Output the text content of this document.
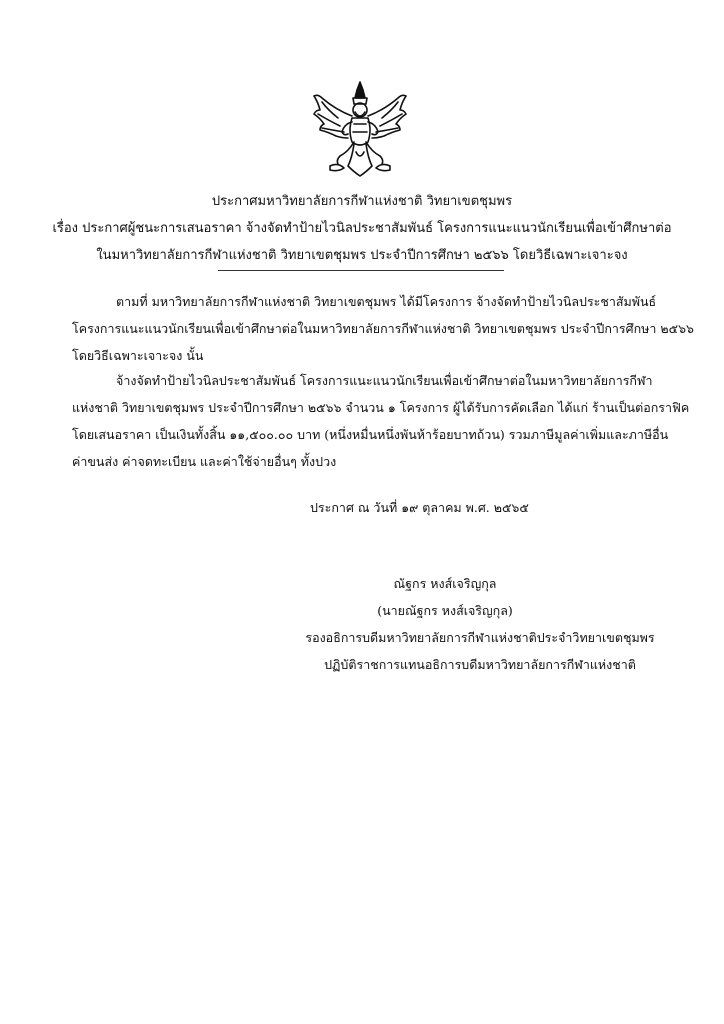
ประกาศมหาวิทยาลัยการกีฬาแห่งชาติ วิทยาเขตชุมพร
เรื่อง ประกาศผู้ชนะการเสนอราคา จ้างจัดทำป้ายไวนิลประชาสัมพันธ์ โครงการแนะแนวนักเรียนเพื่อเข้าศึกษาต่อ
ในมหาวิทยาลัยการกีฬาแห่งชาติ วิทยาเขตชุมพร ประจำปีการศึกษา ๒๕๖๖ โดยวิธีเฉพาะเจาะจง
ตามที่ มหาวิทยาลัยการกีฬาแห่งชาติ วิทยาเขตชุมพร ได้มีโครงการ จ้างจัดทำป้ายไวนิลประชาสัมพันธ์
โครงการแนะแนวนักเรียนเพื่อเข้าศึกษาต่อในมหาวิทยาลัยการกีฬาแห่งชาติ วิทยาเขตชุมพร ประจำปีการศึกษา ๒๕๖๖
โดยวิธีเฉพาะเจาะจง นั้น
จ้างจัดทำป้ายไวนิลประชาสัมพันธ์ โครงการแนะแนวนักเรียนเพื่อเข้าศึกษาต่อในมหาวิทยาลัยการกีฬา
แห่งชาติ วิทยาเขตชุมพร ประจำปีการศึกษา ๒๕๖๖ จำนวน ๑ โครงการ ผู้ได้รับการคัดเลือก ได้แก่ ร้านเป็นต่อกราฟิค
โดยเสนอราคา เป็นเงินทั้งสิ้น ๑๑,๕๐๐.๐๐ บาท (หนึ่งหมื่นหนึ่งพันห้าร้อยบาทถ้วน) รวมภาษีมูลค่าเพิ่มและภาษีอื่น
ค่าขนส่ง ค่าจดทะเบียน และค่าใช้จ่ายอื่นๆ ทั้งปวง
ประกาศ ณ วันที่ ๑๙ ตุลาคม พ.ศ. ๒๕๖๕
ณัฐกร หงส์เจริญกุล
(นายณัฐกร หงส์เจริญกุล)
รองอธิการบดีมหาวิทยาลัยการกีฬาแห่งชาติประจำวิทยาเขตชุมพร
ปฏิบัติราชการแทนอธิการบดีมหาวิทยาลัยการกีฬาแห่งชาติ
